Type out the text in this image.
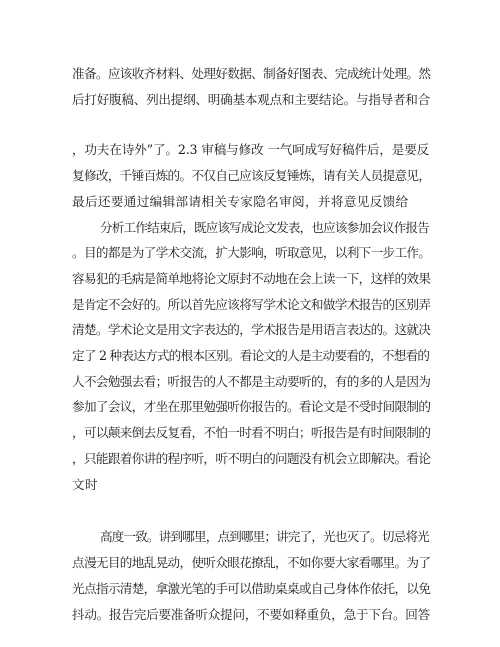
准备。应该收齐材料、处理好数据、制备好图表、完成统计处理。然
后打好腹稿、列出提纲、明确基本观点和主要结论。与指导者和合
，功夫在诗外”了。2.3 审稿与修改 一气呵成写好稿件后，是要反
复修改，千锤百炼的。不仅自己应该反复锤炼，请有关人员提意见，
最后还要通过编辑部请相关专家隐名审阅，并将意见反馈给
分析工作结束后，既应该写成论文发表，也应该参加会议作报告
。目的都是为了学术交流，扩大影响，听取意见，以利下一步工作。
容易犯的毛病是简单地将论文原封不动地在会上读一下，这样的效果
是肯定不会好的。所以首先应该将写学术论文和做学术报告的区别弄
清楚。学术论文是用文字表达的，学术报告是用语言表达的。这就决
定了 2 种表达方式的根本区别。看论文的人是主动要看的，不想看的
人不会勉强去看；听报告的人不都是主动要听的，有的多的人是因为
参加了会议，才坐在那里勉强听你报告的。看论文是不受时间限制的
，可以颠来倒去反复看，不怕一时看不明白；听报告是有时间限制的
，只能跟着你讲的程序听，听不明白的问题没有机会立即解决。看论
文时
高度一致。讲到哪里，点到哪里；讲完了，光也灭了。切忌将光
点漫无目的地乱晃动，使听众眼花撩乱，不如你要大家看哪里。为了
光点指示清楚，拿激光笔的手可以借助桌桌或自己身体作依托，以免
抖动。报告完后要准备听众提问，不要如释重负，急于下台。回答
